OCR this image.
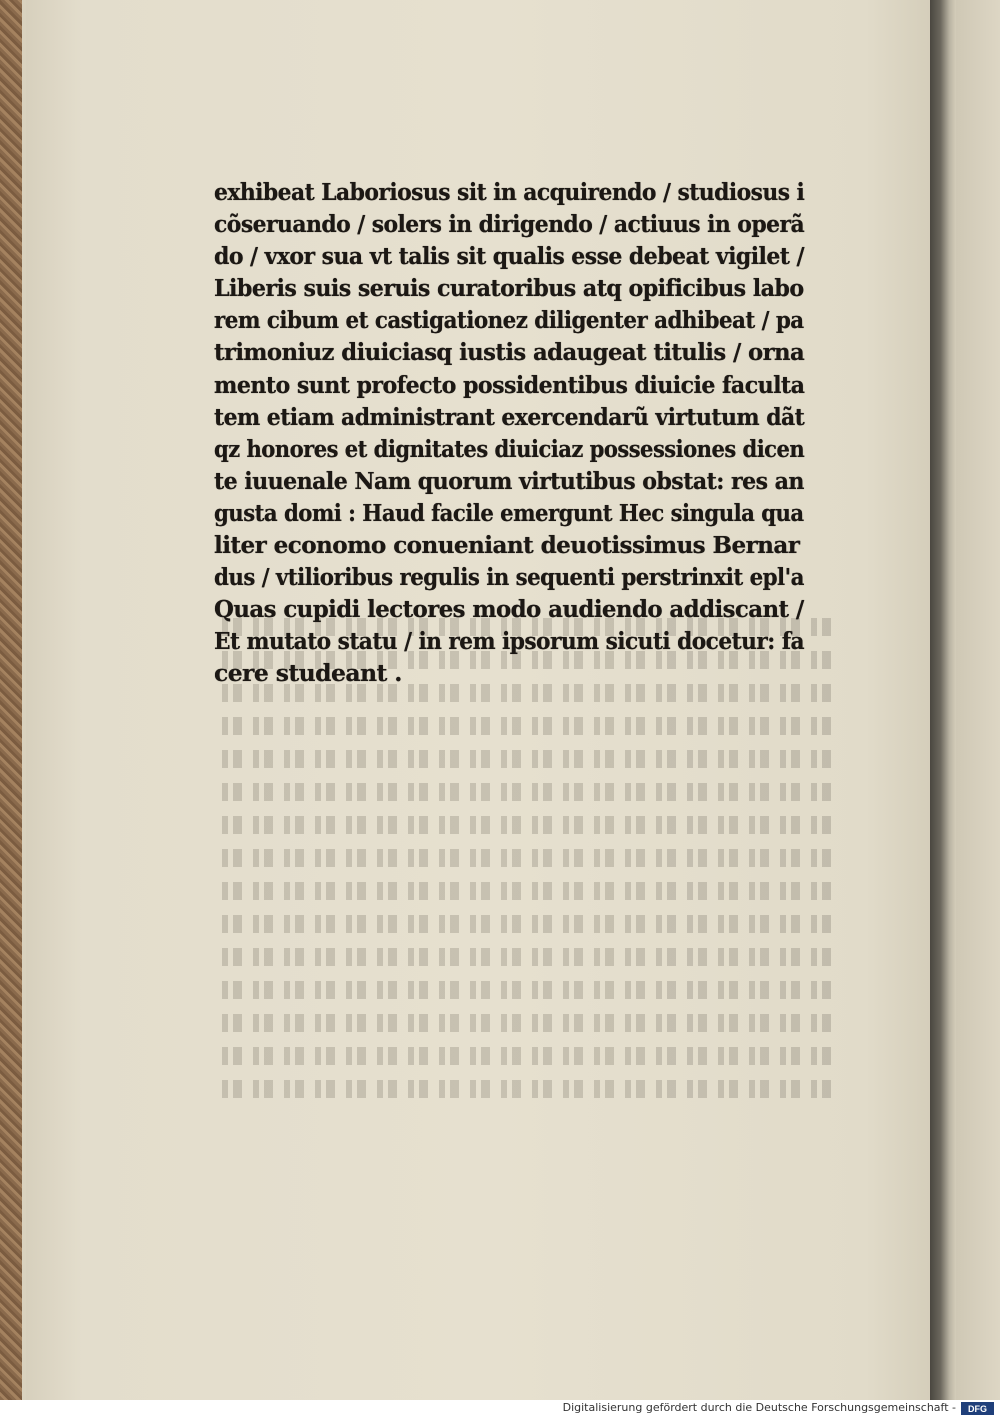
exhibeat Laboriosus sit in acquirendo / studiosus i
cõseruando / solers in dirigendo / actiuus in operã
do / vxor sua vt talis sit qualis esse debeat vigilet /
Liberis suis seruis curatoribus atq opificibus labo
rem cibum et castigationez diligenter adhibeat / pa
trimoniuz diuiciasq iustis adaugeat titulis / orna
mento sunt profecto possidentibus diuicie faculta
tem etiam administrant exercendarũ virtutum dãt
qz honores et dignitates diuiciaz possessiones dicen
te iuuenale Nam quorum virtutibus obstat: res an
gusta domi : Haud facile emergunt Hec singula qua
liter economo conueniant deuotissimus Bernar
dus / vtilioribus regulis in sequenti perstrinxit epl'a
Quas cupidi lectores modo audiendo addiscant /
Et mutato statu / in rem ipsorum sicuti docetur: fa
cere studeant .
Digitalisierung gefördert durch die Deutsche Forschungsgemeinschaft - DFG
